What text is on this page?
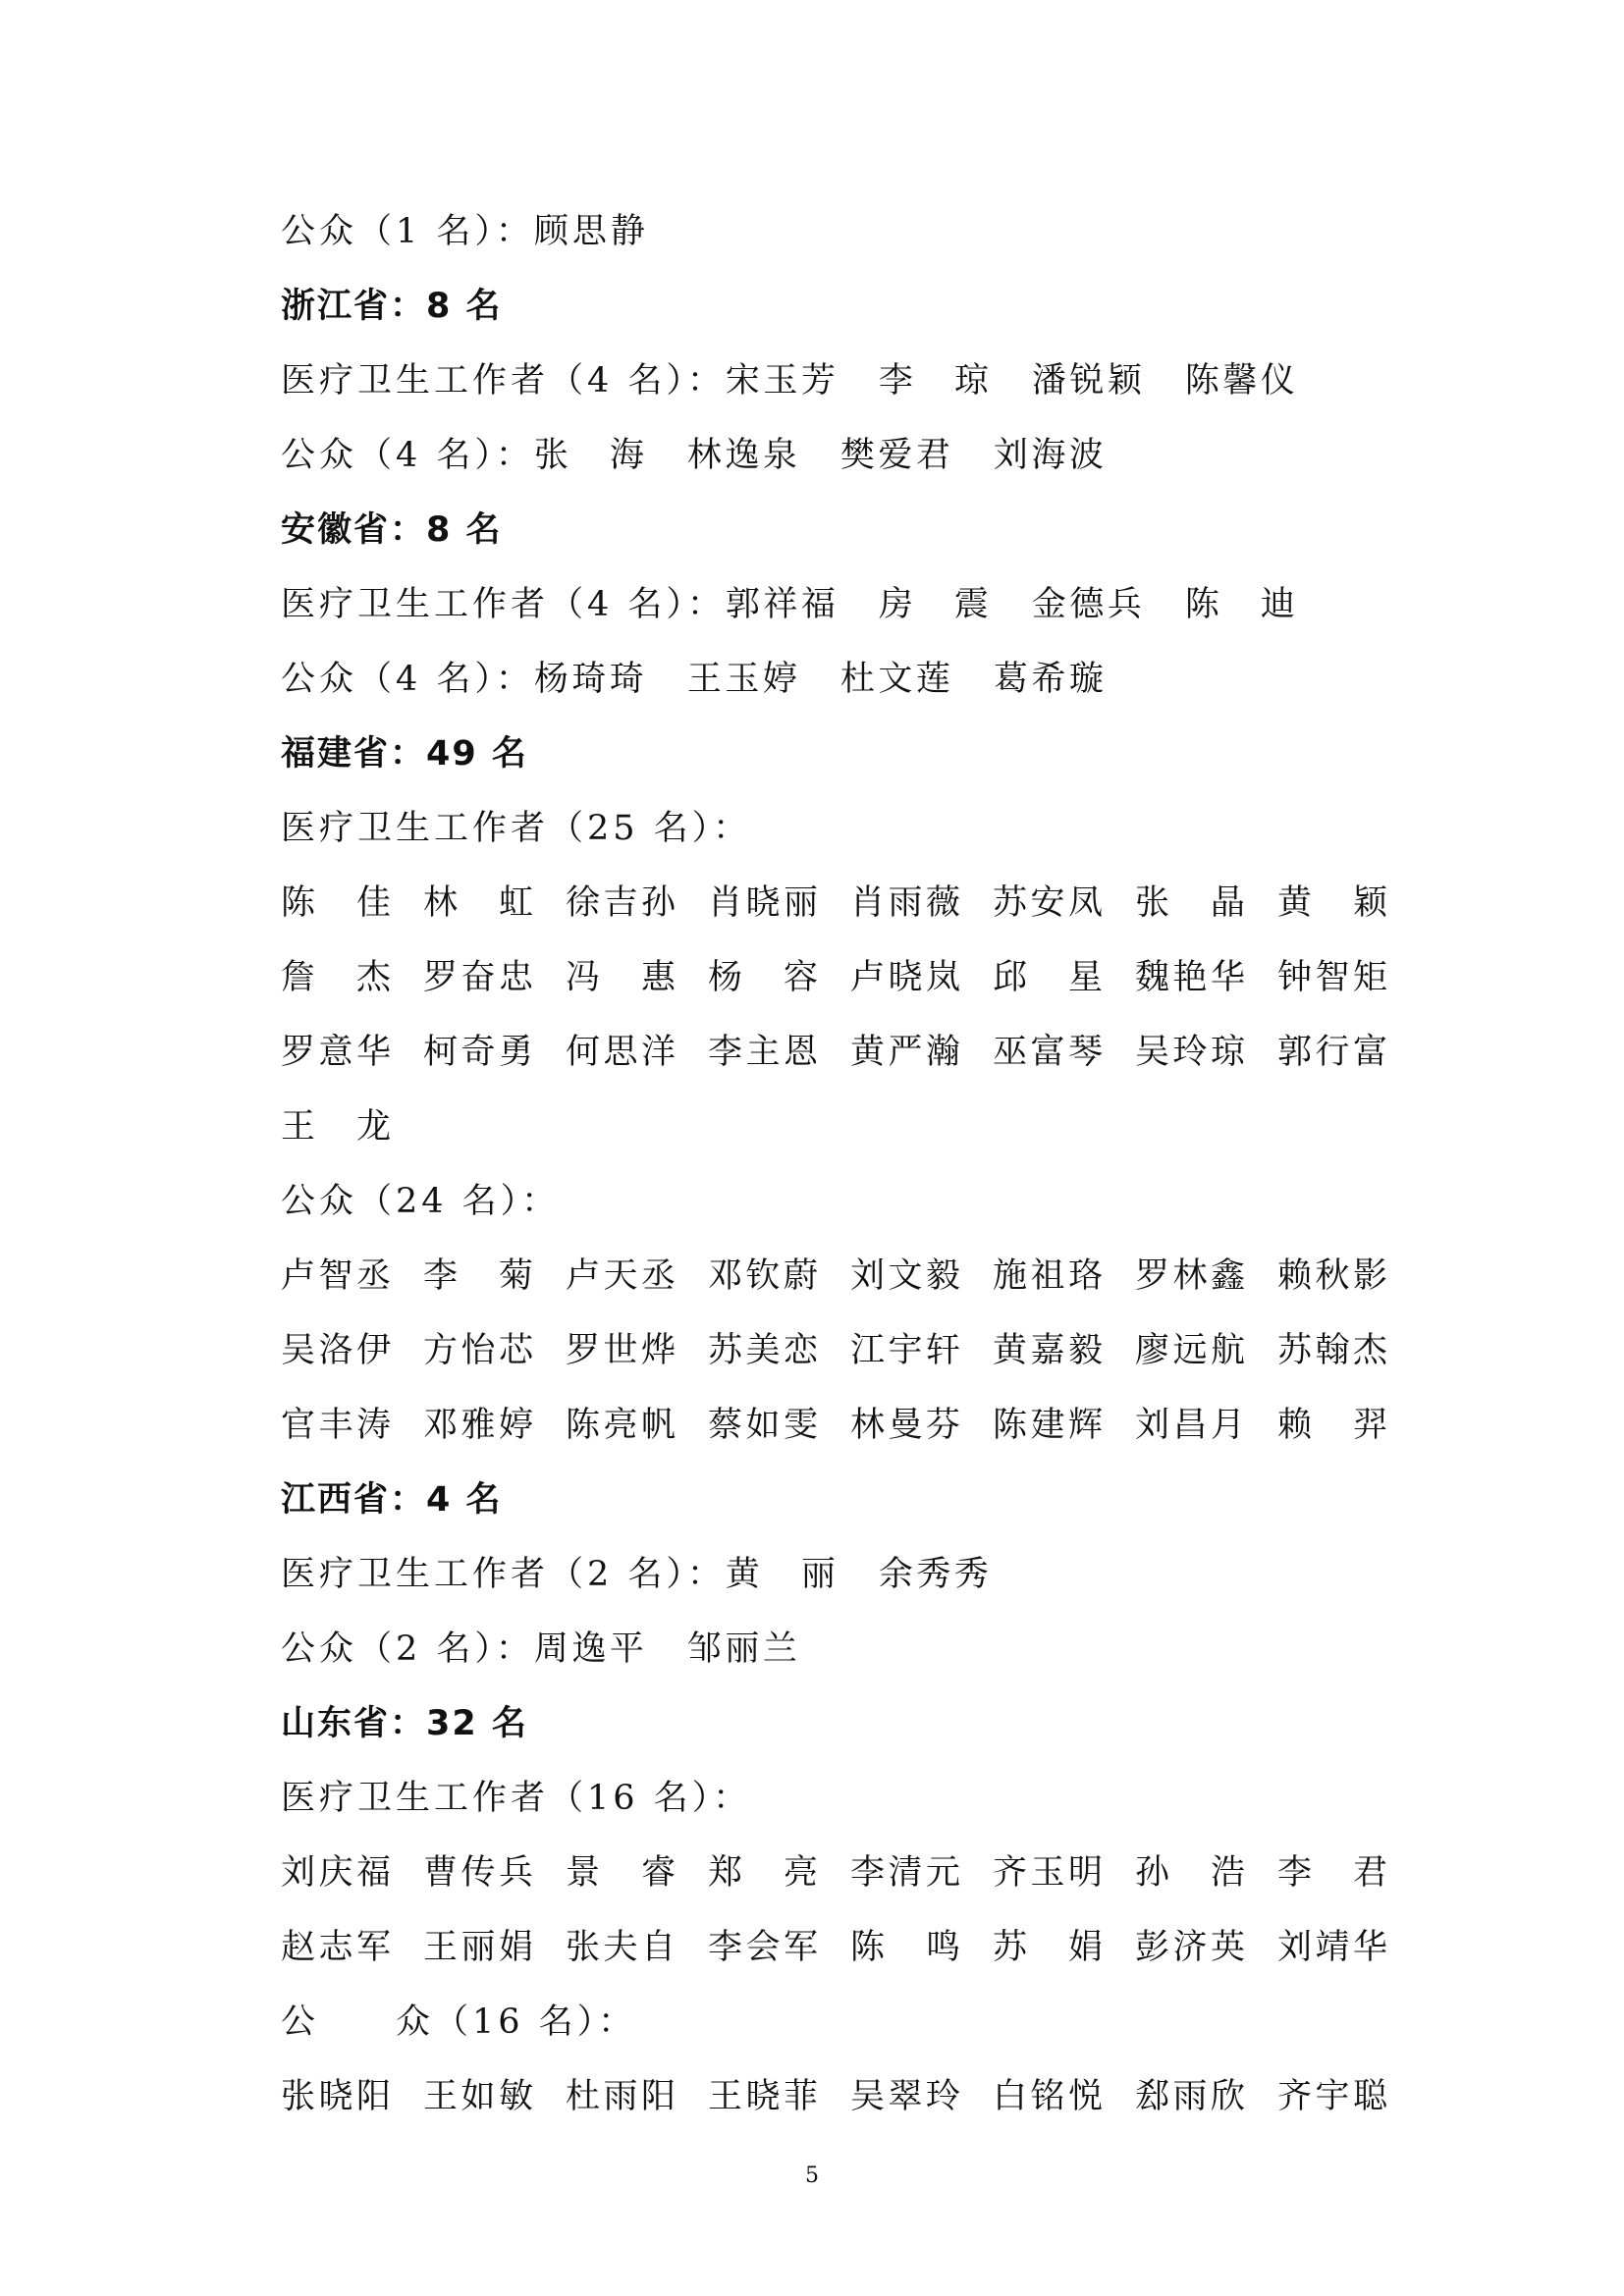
公众（1 名）：顾思静
浙江省：8 名
医疗卫生工作者（4 名）：宋玉芳 李　琼 潘锐颖 陈馨仪
公众（4 名）：张　海 林逸泉 樊爱君 刘海波
安徽省：8 名
医疗卫生工作者（4 名）：郭祥福 房　震 金德兵 陈　迪
公众（4 名）：杨琦琦 王玉婷 杜文莲 葛希璇
福建省：49 名
医疗卫生工作者（25 名）：
陈　佳 林　虹 徐吉孙 肖晓丽 肖雨薇 苏安凤 张　晶 黄　颖
詹　杰 罗奋忠 冯　惠 杨　容 卢晓岚 邱　星 魏艳华 钟智矩
罗意华 柯奇勇 何思洋 李主恩 黄严瀚 巫富琴 吴玲琼 郭行富
王　龙
公众（24 名）：
卢智丞 李　菊 卢天丞 邓钦蔚 刘文毅 施祖珞 罗林鑫 赖秋影
吴洛伊 方怡芯 罗世烨 苏美恋 江宇轩 黄嘉毅 廖远航 苏翰杰
官丰涛 邓雅婷 陈亮帆 蔡如雯 林曼芬 陈建辉 刘昌月 赖　羿
江西省：4 名
医疗卫生工作者（2 名）：黄　丽 余秀秀
公众（2 名）：周逸平 邹丽兰
山东省：32 名
医疗卫生工作者（16 名）：
刘庆福 曹传兵 景　睿 郑　亮 李清元 齐玉明 孙　浩 李　君
赵志军 王丽娟 张夫自 李会军 陈　鸣 苏　娟 彭济英 刘靖华
公　　众（16 名）：
张晓阳 王如敏 杜雨阳 王晓菲 吴翠玲 白铭悦 郄雨欣 齐宇聪
5
